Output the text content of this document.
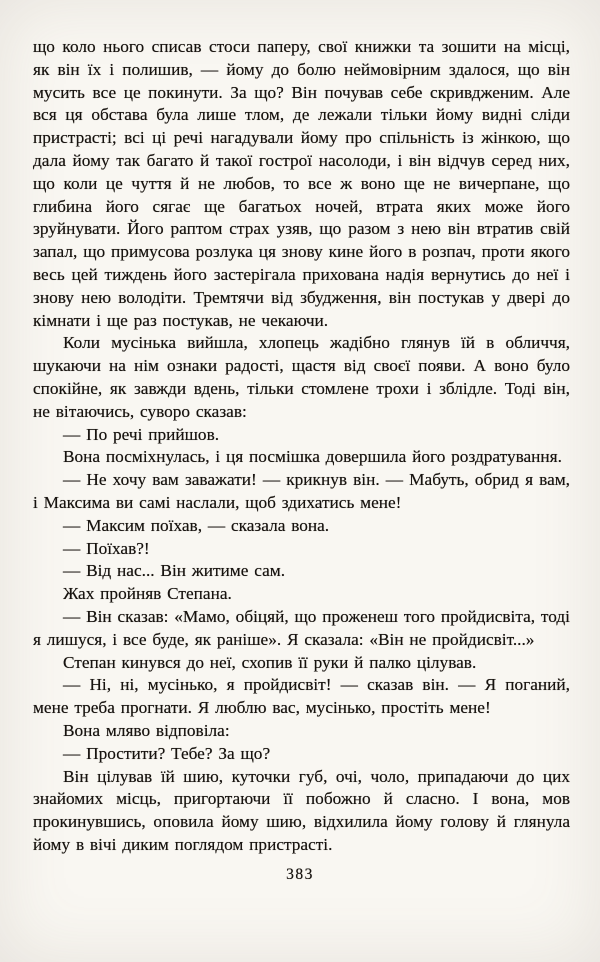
що коло нього списав стоси паперу, свої книжки та зошити на місці, як він їх і полишив, — йому до болю неймовірним здалося, що він мусить все це покинути. За що? Він почував себе скривдженим. Але вся ця обстава була лише тлом, де лежали тільки йому видні сліди пристрасті; всі ці речі нагадували йому про спільність із жінкою, що дала йому так багато й такої гострої насолоди, і він відчув серед них, що коли це чуття й не любов, то все ж воно ще не вичерпане, що глибина його сягає ще багатьох ночей, втрата яких може його зруйнувати. Його раптом страх узяв, що разом з нею він втратив свій запал, що примусова розлука ця знову кине його в розпач, проти якого весь цей тиждень його застерігала прихована надія вернутись до неї і знову нею володіти. Тремтячи від збудження, він постукав у двері до кімнати і ще раз постукав, не чекаючи.

Коли мусінька вийшла, хлопець жадібно глянув їй в обличчя, шукаючи на нім ознаки радості, щастя від своєї появи. А воно було спокійне, як завжди вдень, тільки стомлене трохи і зблідле. Тоді він, не вітаючись, суворо сказав:

— По речі прийшов.

Вона посміхнулась, і ця посмішка довершила його роздратування.

— Не хочу вам заважати! — крикнув він. — Мабуть, обрид я вам, і Максима ви самі наслали, щоб здихатись мене!

— Максим поїхав, — сказала вона.

— Поїхав?!

— Від нас... Він житиме сам.

Жах пройняв Степана.

— Він сказав: «Мамо, обіцяй, що проженеш того пройдисвіта, тоді я лишуся, і все буде, як раніше». Я сказала: «Він не пройдисвіт...»

Степан кинувся до неї, схопив її руки й палко цілував.

— Ні, ні, мусінько, я пройдисвіт! — сказав він. — Я поганий, мене треба прогнати. Я люблю вас, мусінько, простіть мене!

Вона мляво відповіла:

— Простити? Тебе? За що?

Він цілував їй шию, куточки губ, очі, чоло, припадаючи до цих знайомих місць, пригортаючи її побожно й сласно. І вона, мов прокинувшись, оповила йому шию, відхилила йому голову й глянула йому в вічі диким поглядом пристрасті.

383
